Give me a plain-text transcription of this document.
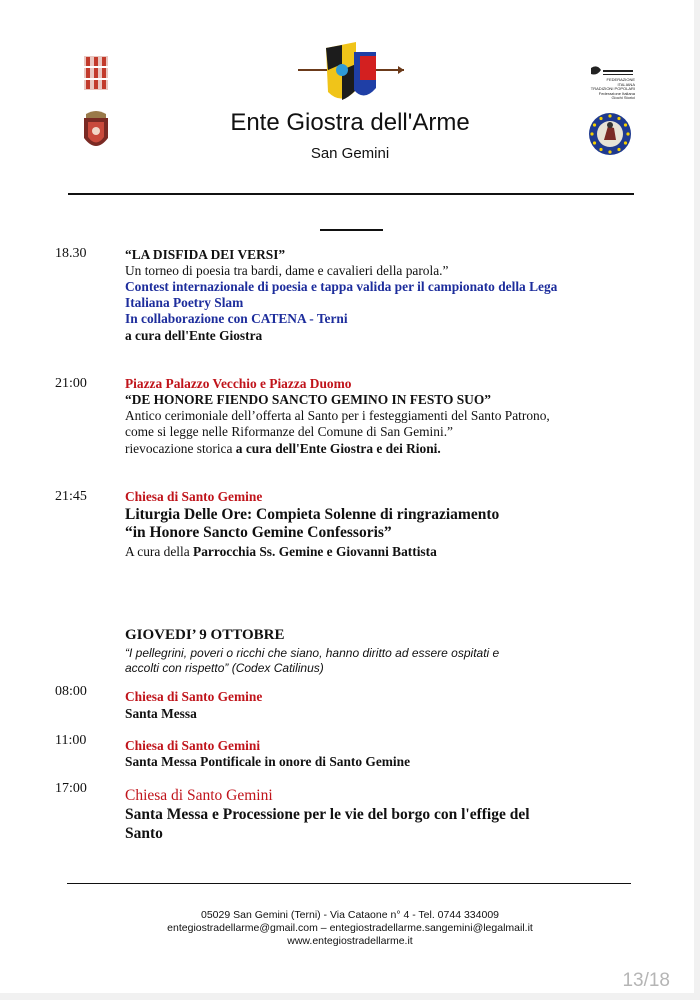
Ente Giostra dell'Arme
San Gemini
FEDERAZIONE ITALIANA
TRADIZIONI POPOLARI
Federazione Italiana
Giochi Storici
18.30	“LA DISFIDA DEI VERSI”
Un torneo di poesia tra bardi, dame e cavalieri della parola.”
Contest internazionale di poesia e tappa valida per il campionato della Lega
Italiana Poetry Slam
In collaborazione con CATENA - Terni
a cura dell'Ente Giostra
21:00	Piazza Palazzo Vecchio e Piazza Duomo
“DE HONORE FIENDO SANCTO GEMINO IN FESTO SUO”
Antico cerimoniale dell’offerta al Santo per i festeggiamenti del Santo Patrono,
come si legge nelle Riformanze del Comune di San Gemini.”
rievocazione storica a cura dell'Ente Giostra e dei Rioni.
21:45	Chiesa di Santo Gemine
Liturgia Delle Ore: Compieta Solenne di ringraziamento
“in Honore Sancto Gemine Confessoris”
A cura della Parrocchia Ss. Gemine e Giovanni Battista
GIOVEDI’ 9 OTTOBRE
“I pellegrini, poveri o ricchi che siano, hanno diritto ad essere ospitati e
accolti con rispetto” (Codex Catilinus)
08:00	Chiesa di Santo Gemine
Santa Messa
11:00	Chiesa di Santo Gemini
Santa Messa Pontificale in onore di Santo Gemine
17:00 Chiesa di Santo Gemini
Santa Messa e Processione per le vie del borgo con l'effige del
Santo
05029 San Gemini (Terni) - Via Cataone n° 4 - Tel. 0744 334009
entegiostradellarme@gmail.com – entegiostradellarme.sangemini@legalmail.it
www.entegiostradellarme.it
13/18
